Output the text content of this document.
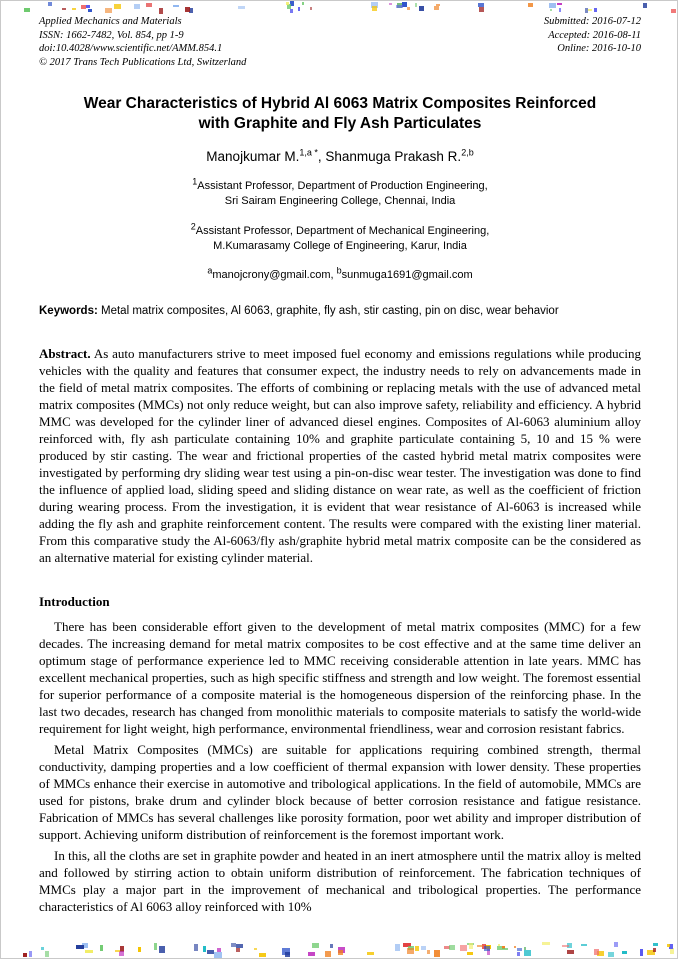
Applied Mechanics and Materials
ISSN: 1662-7482, Vol. 854, pp 1-9
doi:10.4028/www.scientific.net/AMM.854.1
© 2017 Trans Tech Publications Ltd, Switzerland
Submitted: 2016-07-12
Accepted: 2016-08-11
Online: 2016-10-10
Wear Characteristics of Hybrid Al 6063 Matrix Composites Reinforced with Graphite and Fly Ash Particulates
Manojkumar M.$^{1,a *}$, Shanmuga Prakash R.$^{2,b}$
$^1$Assistant Professor, Department of Production Engineering,
Sri Sairam Engineering College, Chennai, India
$^2$Assistant Professor, Department of Mechanical Engineering,
M.Kumarasamy College of Engineering, Karur, India
$^a$manojcrony@gmail.com, $^b$sunmuga1691@gmail.com
Keywords: Metal matrix composites, Al 6063, graphite, fly ash, stir casting, pin on disc, wear behavior
Abstract. As auto manufacturers strive to meet imposed fuel economy and emissions regulations while producing vehicles with the quality and features that consumer expect, the industry needs to rely on advancements made in the field of metal matrix composites. The efforts of combining or replacing metals with the use of advanced metal matrix composites (MMCs) not only reduce weight, but can also improve safety, reliability and efficiency. A hybrid MMC was developed for the cylinder liner of advanced diesel engines. Composites of Al-6063 aluminium alloy reinforced with, fly ash particulate containing 10% and graphite particulate containing 5, 10 and 15 % were produced by stir casting. The wear and frictional properties of the casted hybrid metal matrix composites were investigated by performing dry sliding wear test using a pin-on-disc wear tester. The investigation was done to find the influence of applied load, sliding speed and sliding distance on wear rate, as well as the coefficient of friction during wearing process. From the investigation, it is evident that wear resistance of Al-6063 is increased while adding the fly ash and graphite reinforcement content. The results were compared with the existing liner material. From this comparative study the Al-6063/fly ash/graphite hybrid metal matrix composite can be the considered as an alternative material for existing cylinder material.
Introduction

There has been considerable effort given to the development of metal matrix composites (MMC) for a few decades. The increasing demand for metal matrix composites to be cost effective and at the same time deliver an optimum stage of performance experience led to MMC receiving considerable attention in late years. MMC has excellent mechanical properties, such as high specific stiffness and strength and low weight. The foremost essential for superior performance of a composite material is the homogeneous dispersion of the reinforcing phase. In the last two decades, research has changed from monolithic materials to composite materials to satisfy the world-wide requirement for light weight, high performance, environmental friendliness, wear and corrosion resistant fabrics.

Metal Matrix Composites (MMCs) are suitable for applications requiring combined strength, thermal conductivity, damping properties and a low coefficient of thermal expansion with lower density. These properties of MMCs enhance their exercise in automotive and tribological applications. In the field of automobile, MMCs are used for pistons, brake drum and cylinder block because of better corrosion resistance and fatigue resistance. Fabrication of MMCs has several challenges like porosity formation, poor wet ability and improper distribution of support. Achieving uniform distribution of reinforcement is the foremost important work.

In this, all the cloths are set in graphite powder and heated in an inert atmosphere until the matrix alloy is melted and followed by stirring action to obtain uniform distribution of reinforcement. The fabrication techniques of MMCs play a major part in the improvement of mechanical and tribological properties. The performance characteristics of Al 6063 alloy reinforced with 10%
